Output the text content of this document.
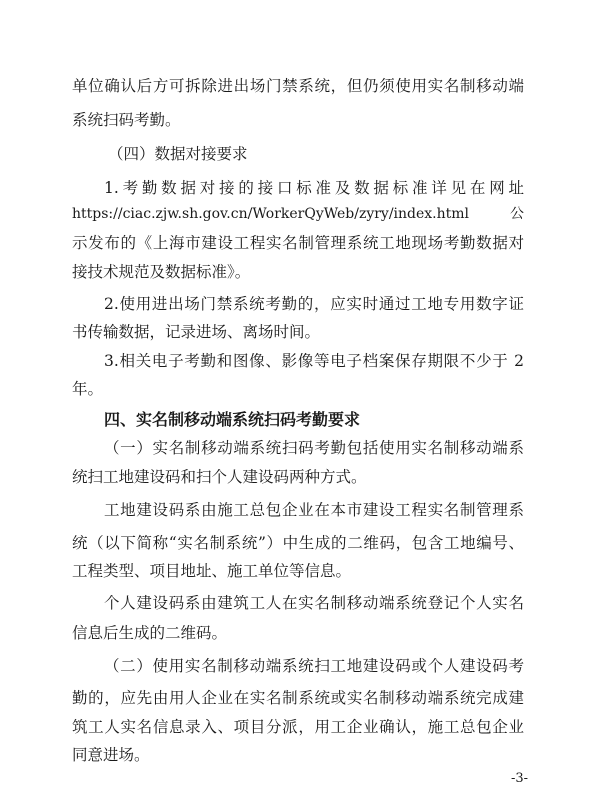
单位确认后方可拆除进出场门禁系统，但仍须使用实名制移动端
系统扫码考勤。
（四）数据对接要求
1.考勤数据对接的接口标准及数据标准详见在网址
https://ciac.zjw.sh.gov.cn/WorkerQyWeb/zyry/index.html 公
示发布的《上海市建设工程实名制管理系统工地现场考勤数据对
接技术规范及数据标准》。
2.使用进出场门禁系统考勤的，应实时通过工地专用数字证
书传输数据，记录进场、离场时间。
3.相关电子考勤和图像、影像等电子档案保存期限不少于 2
年。
四、实名制移动端系统扫码考勤要求
（一）实名制移动端系统扫码考勤包括使用实名制移动端系
统扫工地建设码和扫个人建设码两种方式。
工地建设码系由施工总包企业在本市建设工程实名制管理系
统（以下简称“实名制系统”）中生成的二维码，包含工地编号、
工程类型、项目地址、施工单位等信息。
个人建设码系由建筑工人在实名制移动端系统登记个人实名
信息后生成的二维码。
（二）使用实名制移动端系统扫工地建设码或个人建设码考
勤的，应先由用人企业在实名制系统或实名制移动端系统完成建
筑工人实名信息录入、项目分派，用工企业确认，施工总包企业
同意进场。
-3-
